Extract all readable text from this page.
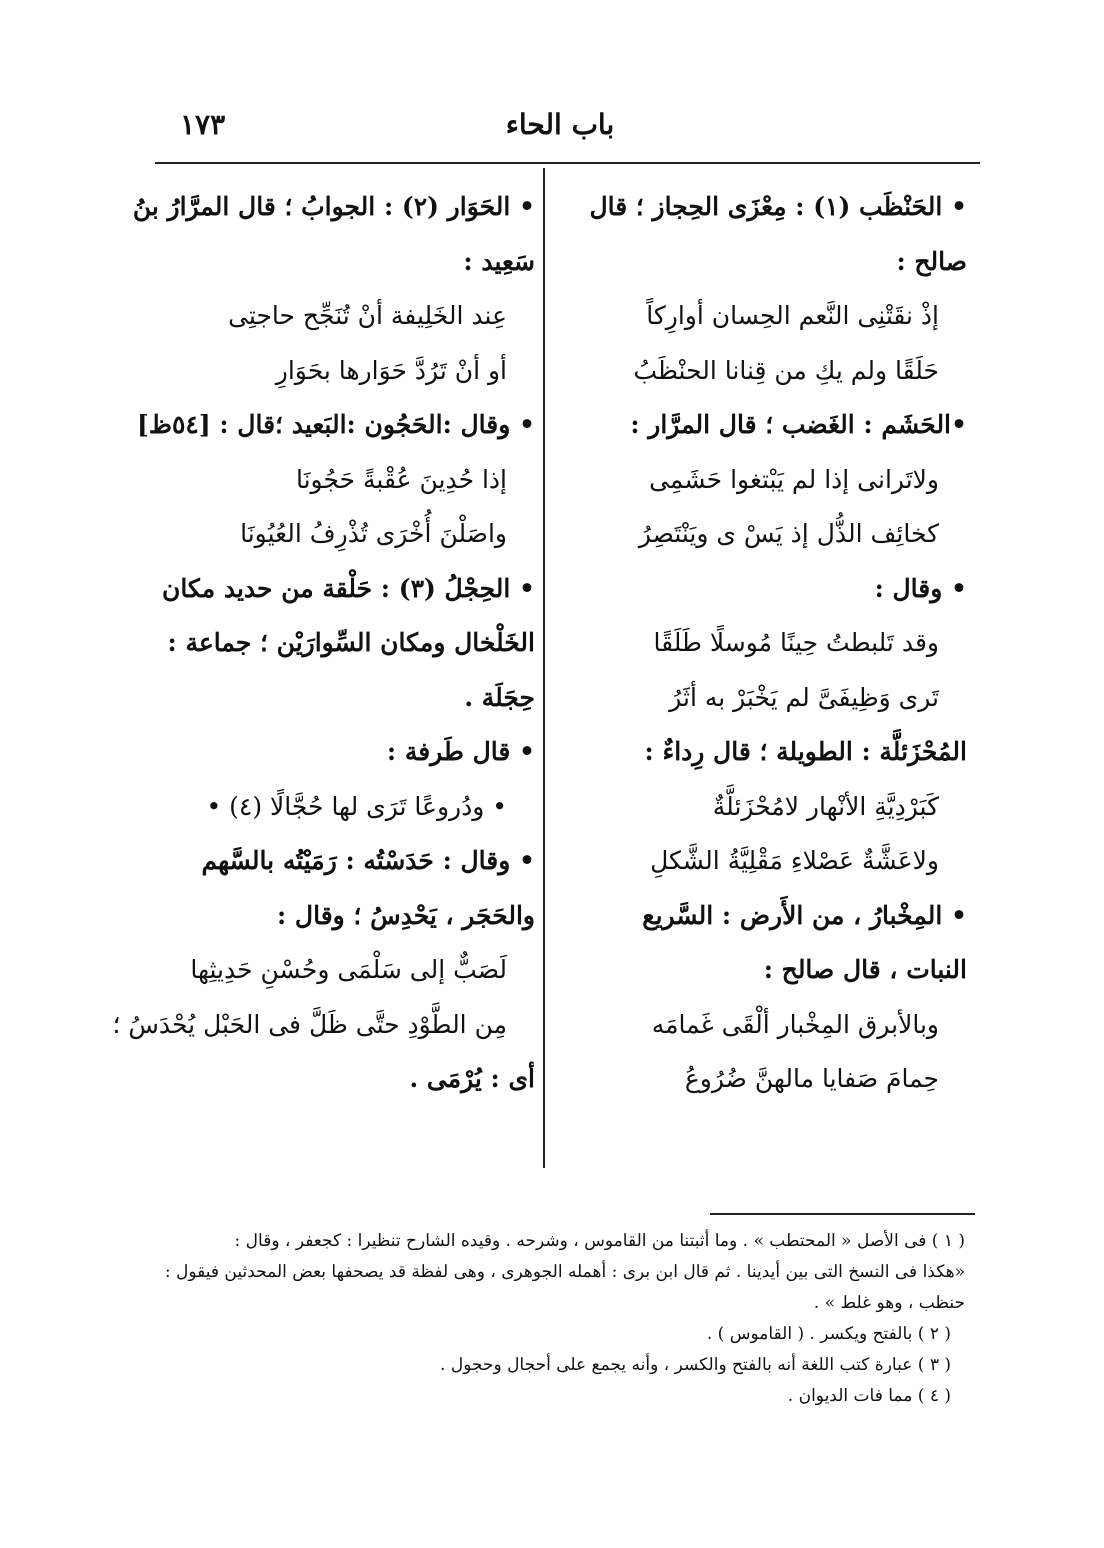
باب الحاء
١٧٣
• الحَنْظَب (١) : مِعْزَى الحِجاز ؛ قال
صالح :
إذْ نقَتْنِى النَّعم الحِسان أوارِكاً
حَلَقًا ولم يكِ من قِنانا الحنْظَبُ
•الحَشَم : الغَضب ؛ قال المرَّار :
ولاتَرانى إذا لم يَبْتغوا حَشَمِى
كخائِف الذُّل إذ يَسْ ى ويَنْتَصِرُ
• وقال :
وقد تَلبطتُ حِينًا مُوسلًا طَلَقًا
تَرى وَظِيفَىَّ لم يَخْبَرْ به أثَرُ
المُحْزَئلَّة : الطويلة ؛ قال رِداءٌ :
كَبَرْدِيَّةِ الأنْهار لامُحْزَئلَّةٌ
ولاعَشَّةٌ عَصْلاءِ مَقْلِيَّةُ الشَّكلِ
• المِخْبارُ ، من الأَرض : السَّريع
النبات ، قال صالح :
وبالأبرق المِخْبار ألْقَى غَمامَه
حِمامَ صَفايا مالهنَّ ضُرُوعُ
• الحَوَار (٢) : الجوابُ ؛ قال المرَّارُ بنُ
سَعِيد :
عِند الخَلِيفة أنْ تُنَجِّح حاجتِى
أو أنْ تَرُدَّ حَوَارها بحَوَارِ
• وقال :الحَجُون :البَعيد ؛قال : [٥٤ظ]
إذا حُدِينَ عُقْبةً حَجُونَا
واصَلْنَ أُخْرَى تُذْرِفُ العُيُونَا
• الحِجْلُ (٣) : حَلْقة من حديد مكان
الخَلْخال ومكان السِّوارَيْن ؛ جماعة :
حِجَلَة .
• قال طَرفة :
• ودُروعًا تَرَى لها حُجَّالًا (٤) •
• وقال : حَدَسْتُه : رَمَيْتُه بالسَّهم
والحَجَر ، يَحْدِسُ ؛ وقال :
لَصَبٌّ إلى سَلْمَى وحُسْنِ حَدِيثِها
مِن الطَّوْدِ حتَّى ظَلَّ فى الحَبْل يُحْدَسُ ؛
أى : يُرْمَى .
( ١ ) فى الأصل « المحتطب » . وما أثبتنا من القاموس ، وشرحه . وقيده الشارح تنظيرا : كجعفر ، وقال :
«هكذا فى النسخ التى بين أيدينا . ثم قال ابن برى : أهمله الجوهرى ، وهى لفظة قد يصحفها بعض المحدثين فيقول :
حنظب ، وهو غلط » .
( ٢ ) بالفتح ويكسر . ( القاموس ) .
( ٣ ) عبارة كتب اللغة أنه بالفتح والكسر ، وأنه يجمع على أحجال وحجول .
( ٤ ) مما فات الديوان .
